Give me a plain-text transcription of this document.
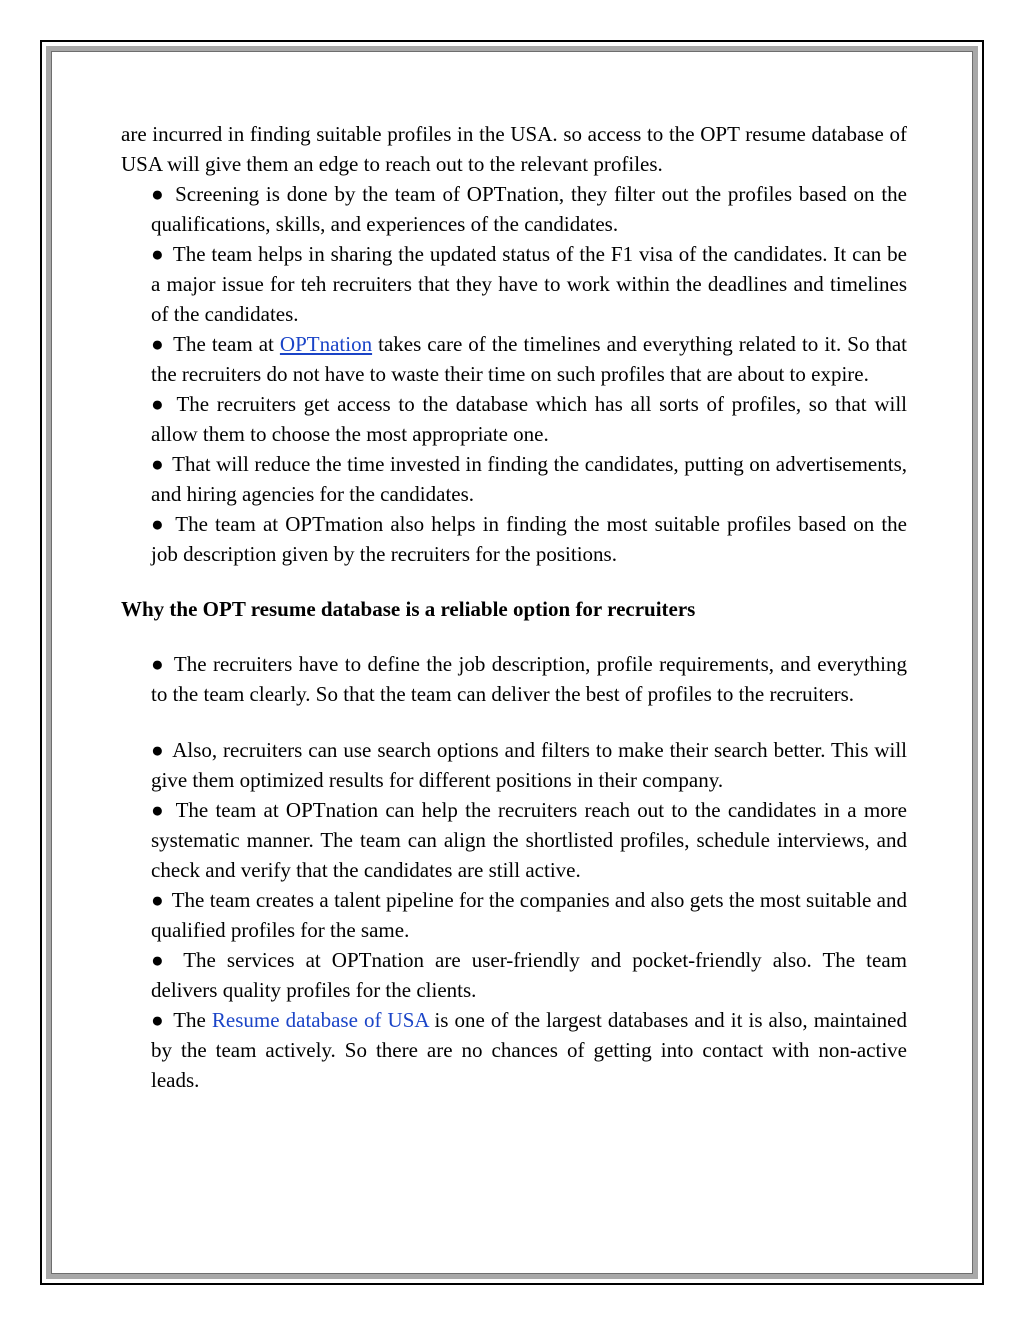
are incurred in finding suitable profiles in the USA. so access to the OPT resume database of USA will give them an edge to reach out to the relevant profiles.

● Screening is done by the team of OPTnation, they filter out the profiles based on the qualifications, skills, and experiences of the candidates.

● The team helps in sharing the updated status of the F1 visa of the candidates. It can be a major issue for teh recruiters that they have to work within the deadlines and timelines of the candidates.

● The team at OPTnation takes care of the timelines and everything related to it. So that the recruiters do not have to waste their time on such profiles that are about to expire.

● The recruiters get access to the database which has all sorts of profiles, so that will allow them to choose the most appropriate one.

● That will reduce the time invested in finding the candidates, putting on advertisements, and hiring agencies for the candidates.

● The team at OPTmation also helps in finding the most suitable profiles based on the job description given by the recruiters for the positions.

Why the OPT resume database is a reliable option for recruiters

● The recruiters have to define the job description, profile requirements, and everything to the team clearly. So that the team can deliver the best of profiles to the recruiters.

● Also, recruiters can use search options and filters to make their search better. This will give them optimized results for different positions in their company.

● The team at OPTnation can help the recruiters reach out to the candidates in a more systematic manner. The team can align the shortlisted profiles, schedule interviews, and check and verify that the candidates are still active.

● The team creates a talent pipeline for the companies and also gets the most suitable and qualified profiles for the same.

● The services at OPTnation are user-friendly and pocket-friendly also. The team delivers quality profiles for the clients.

● The Resume database of USA is one of the largest databases and it is also, maintained by the team actively. So there are no chances of getting into contact with non-active leads.
